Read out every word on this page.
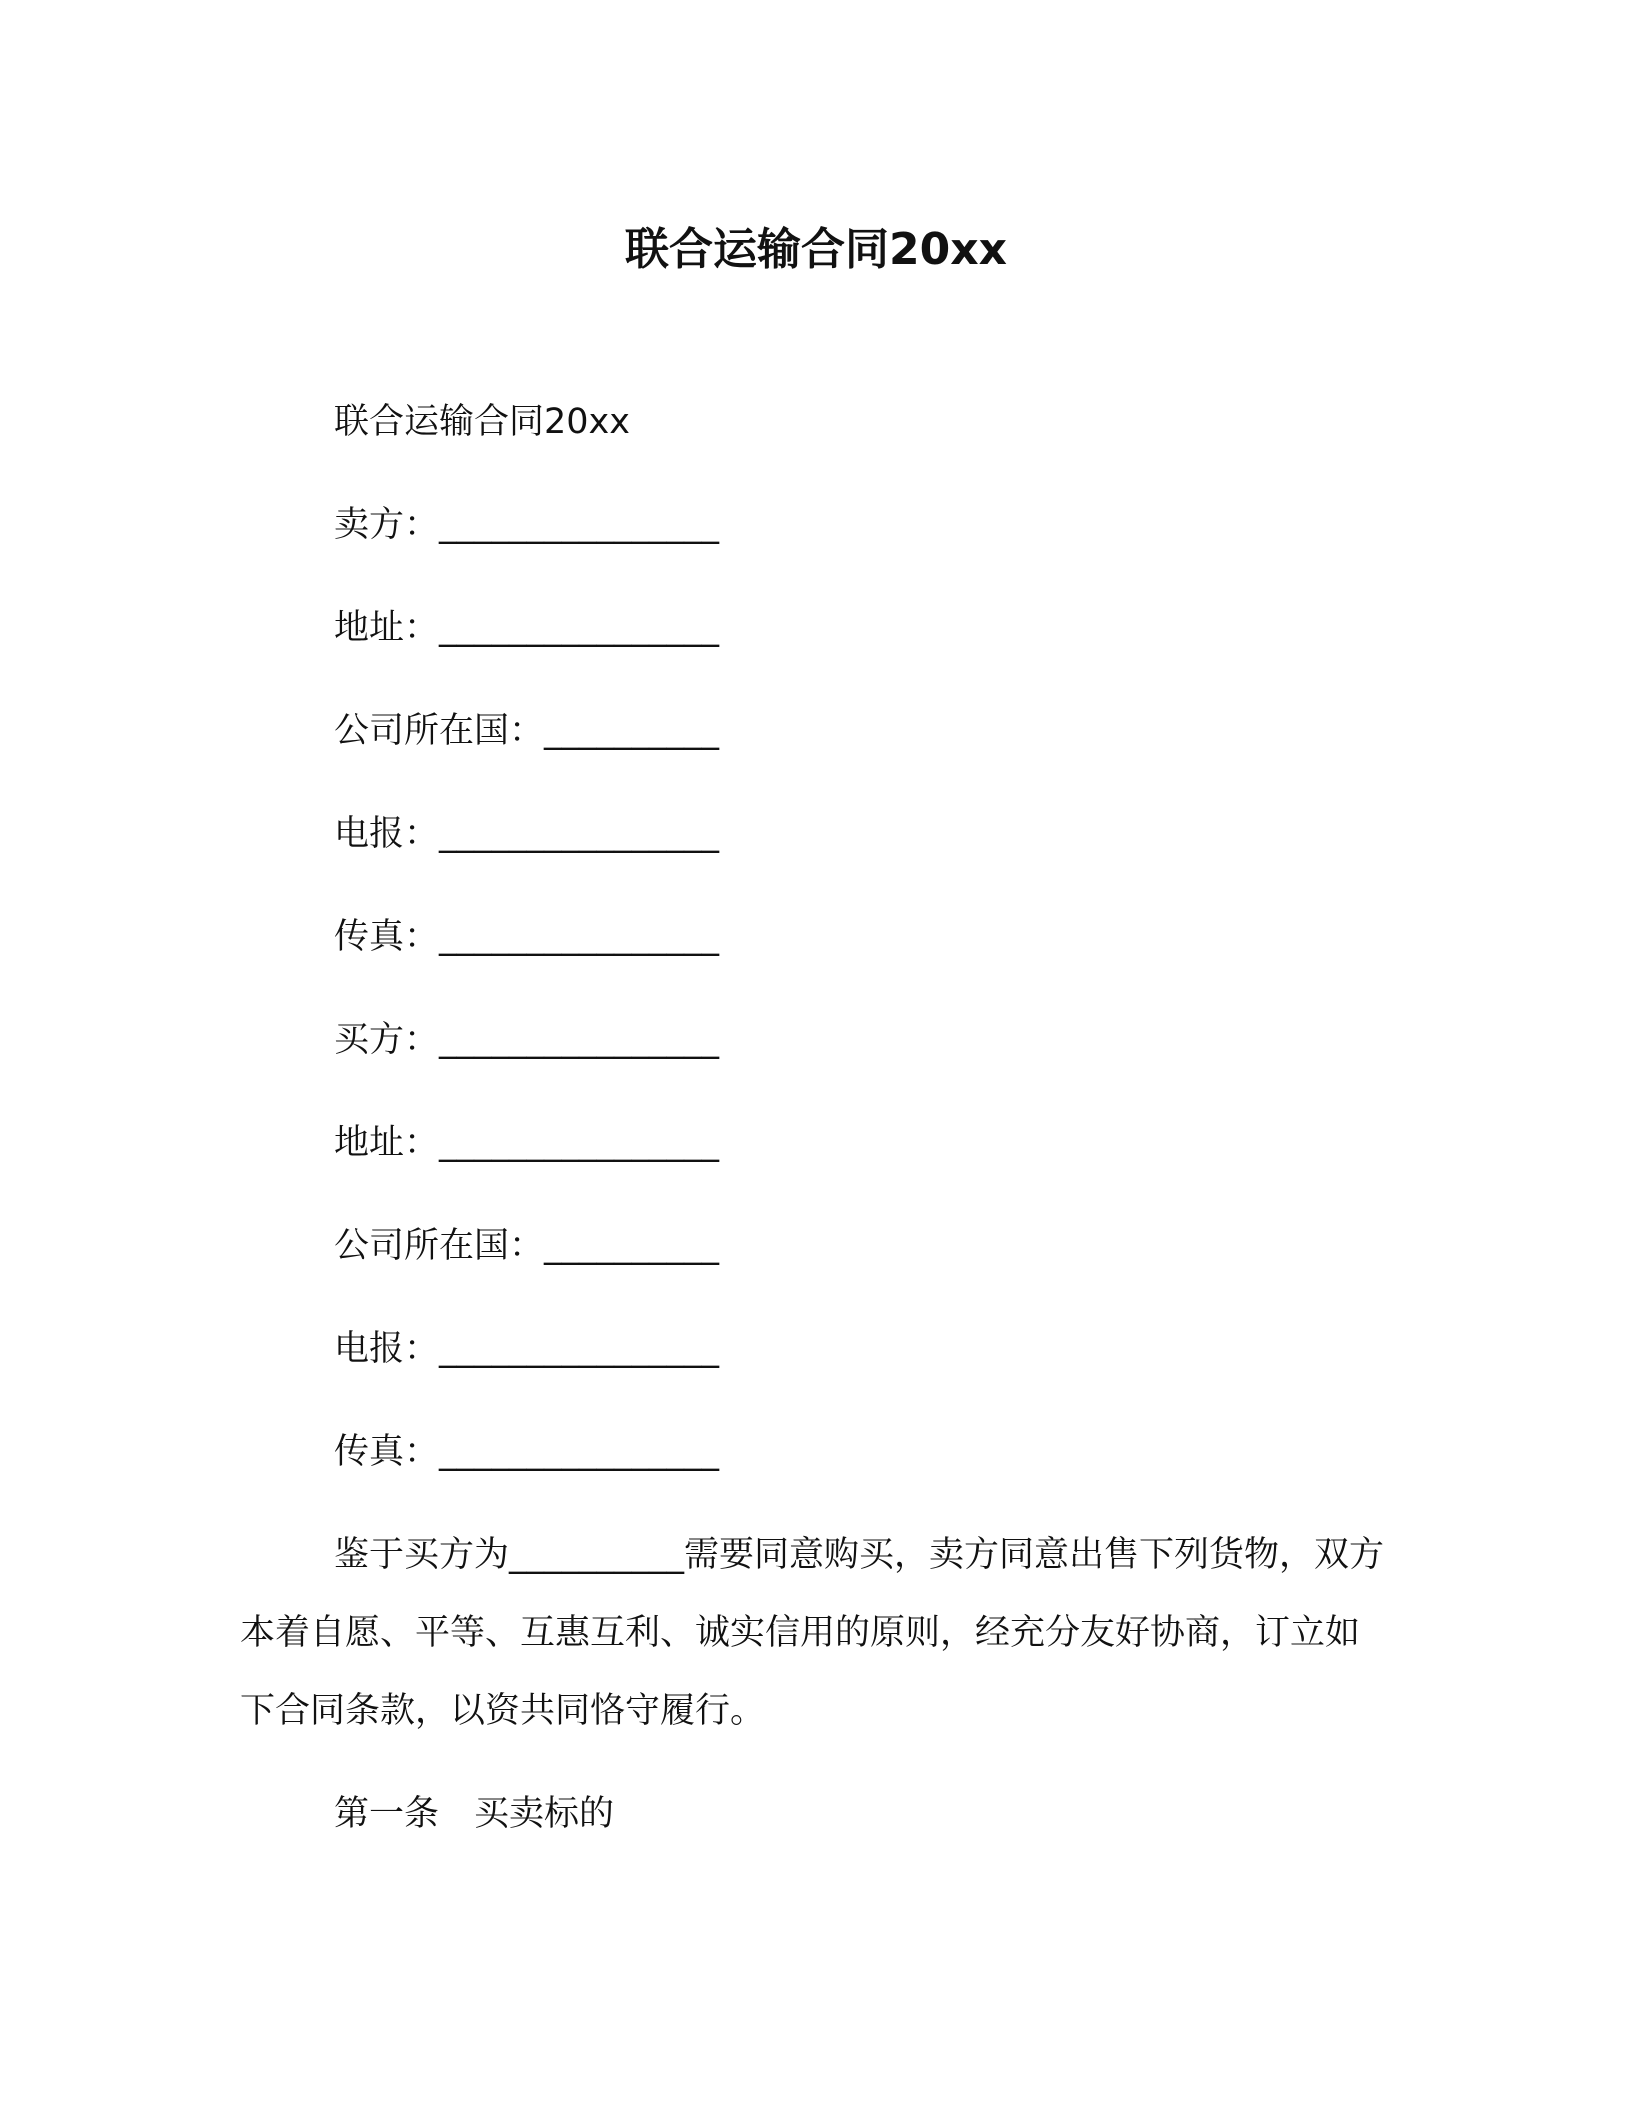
联合运输合同20xx
联合运输合同20xx
卖方：________________
地址：________________
公司所在国：__________
电报：________________
传真：________________
买方：________________
地址：________________
公司所在国：__________
电报：________________
传真：________________
鉴于买方为__________需要同意购买，卖方同意出售下列货物，双方本着自愿、平等、互惠互利、诚实信用的原则，经充分友好协商，订立如下合同条款，以资共同恪守履行。
第一条　买卖标的
